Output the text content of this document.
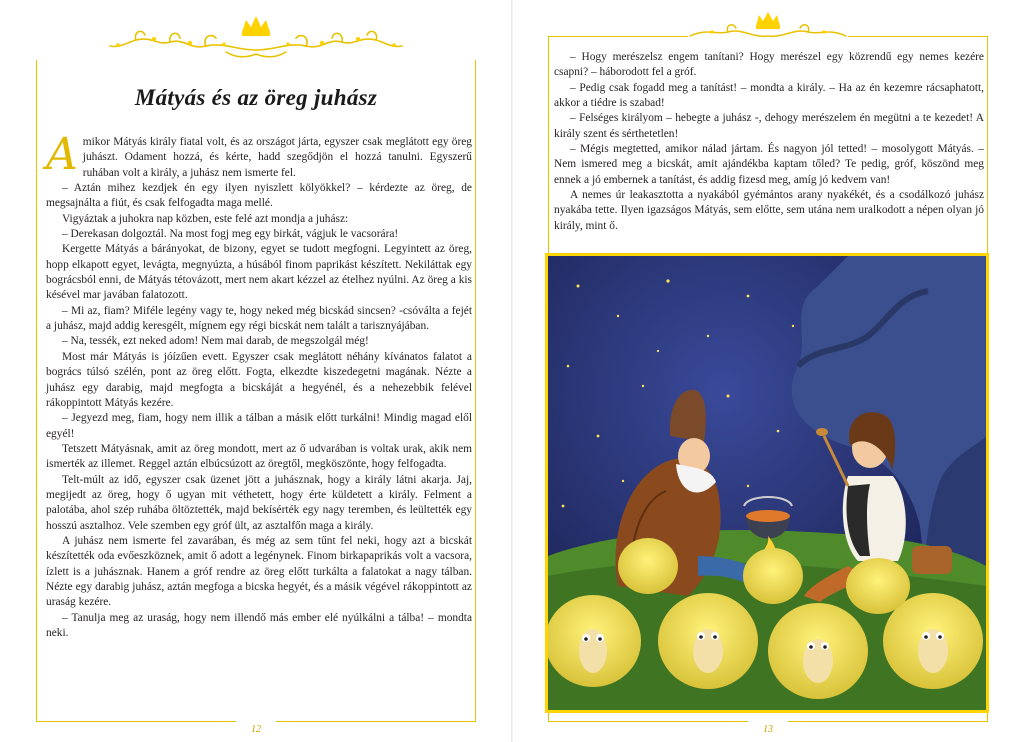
Mátyás és az öreg juhász
A mikor Mátyás király fiatal volt, és az országot járta, egyszer csak meglátott egy öreg juhászt. Odament hozzá, és kérte, hadd szegődjön el hozzá tanulni. Egyszerű ruhában volt a király, a juhász nem ismerte fel.

– Aztán mihez kezdjek én egy ilyen nyiszlett kölyökkel? – kérdezte az öreg, de megsajnálta a fiút, és csak felfogadta maga mellé.

Vigyáztak a juhokra nap közben, este felé azt mondja a juhász:

– Derekasan dolgoztál. Na most fogj meg egy birkát, vágjuk le vacsorára!

Kergette Mátyás a bárányokat, de bizony, egyet se tudott megfogni. Legyintett az öreg, hopp elkapott egyet, levágta, megnyúzta, a húsából finom paprikást készített. Nekiláttak egy bográcsból enni, de Mátyás tétovázott, mert nem akart kézzel az ételhez nyúlni. Az öreg a kis késével mar javában falatozott.

– Mi az, fiam? Miféle legény vagy te, hogy neked még bicskád sincsen? -csóválta a fejét a juhász, majd addig keresgélt, mígnem egy régi bicskát nem talált a tarisznyájában.

– Na, tessék, ezt neked adom! Nem mai darab, de megszolgál még!

Most már Mátyás is jóízűen evett. Egyszer csak meglátott néhány kívánatos falatot a bogrács túlsó szélén, pont az öreg előtt. Fogta, elkezdte kiszedegetni magának. Nézte a juhász egy darabig, majd megfogta a bicskáját a hegyénél, és a nehezebbik felével rákoppintott Mátyás kezére.

– Jegyezd meg, fiam, hogy nem illik a tálban a másik előtt turkálni! Mindig magad elől egyél!

Tetszett Mátyásnak, amit az öreg mondott, mert az ő udvarában is voltak urak, akik nem ismerték az illemet. Reggel aztán elbúcsúzott az öregtől, megköszönte, hogy felfogadta.

Telt-múlt az idő, egyszer csak üzenet jött a juhásznak, hogy a király látni akarja. Jaj, megijedt az öreg, hogy ő ugyan mit véthetett, hogy érte küldetett a király. Felment a palotába, ahol szép ruhába öltöztették, majd bekísérték egy nagy teremben, és leültették egy hosszú asztalhoz. Vele szemben egy gróf ült, az asztalfőn maga a király.

A juhász nem ismerte fel zavarában, és még az sem tűnt fel neki, hogy azt a bicskát készítették oda evőeszköznek, amit ő adott a legénynek. Finom birkapaprikás volt a vacsora, ízlett is a juhásznak. Hanem a gróf rendre az öreg előtt turkálta a falatokat a nagy tálban. Nézte egy darabig juhász, aztán megfoga a bicska hegyét, és a másik végével rákoppintott az uraság kezére.

– Tanulja meg az uraság, hogy nem illendő más ember elé nyúlkálni a tálba! – mondta neki.

12

– Hogy merészelsz engem tanítani? Hogy merészel egy közrendű egy nemes kezére csapni? – háborodott fel a gróf.

– Pedig csak fogadd meg a tanítást! – mondta a király. – Ha az én kezemre rácsaphatott, akkor a tiédre is szabad!

– Felséges királyom – hebegte a juhász -, dehogy merészelem én megütni a te kezedet! A király szent és sérthetetlen!

– Mégis megtetted, amikor nálad jártam. És nagyon jól tetted! – mosolygott Mátyás. – Nem ismered meg a bicskát, amit ajándékba kaptam tőled? Te pedig, gróf, köszönd meg ennek a jó embernek a tanítást, és addig fizesd meg, amíg jó kedvem van!

A nemes úr leakasztotta a nyakából gyémántos arany nyakékét, és a csodálkozó juhász nyakába tette. Ilyen igazságos Mátyás, sem előtte, sem utána nem uralkodott a népen olyan jó király, mint ő.

13
